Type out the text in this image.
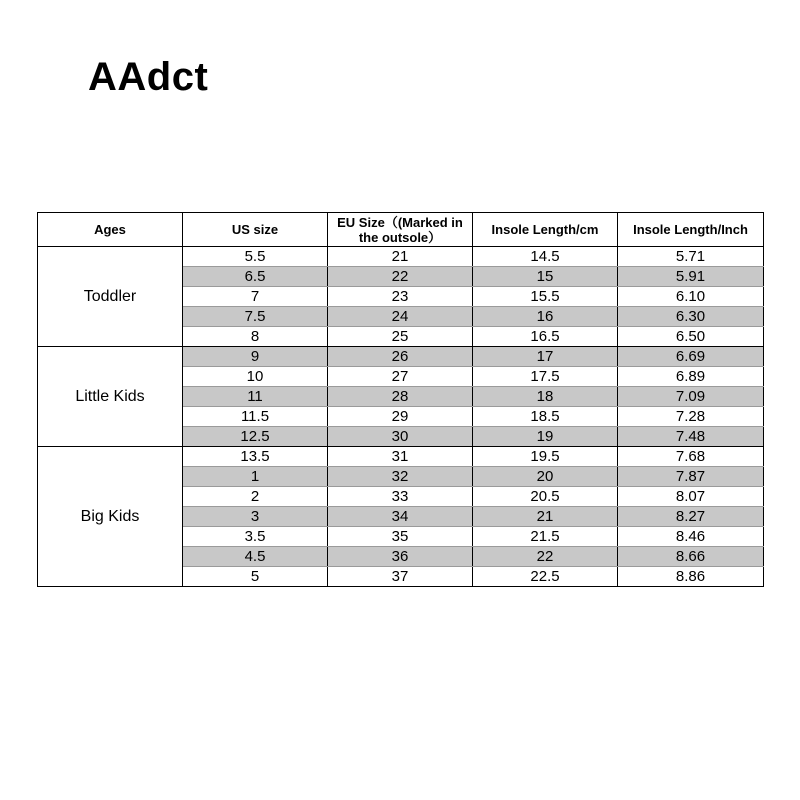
AAdct
Ages	US size	EU Size（(Marked in the outsole）	Insole Length/cm	Insole Length/Inch
Toddler	5.5	21	14.5	5.71
	6.5	22	15	5.91
	7	23	15.5	6.10
	7.5	24	16	6.30
	8	25	16.5	6.50
Little Kids	9	26	17	6.69
	10	27	17.5	6.89
	11	28	18	7.09
	11.5	29	18.5	7.28
	12.5	30	19	7.48
Big Kids	13.5	31	19.5	7.68
	1	32	20	7.87
	2	33	20.5	8.07
	3	34	21	8.27
	3.5	35	21.5	8.46
	4.5	36	22	8.66
	5	37	22.5	8.86
